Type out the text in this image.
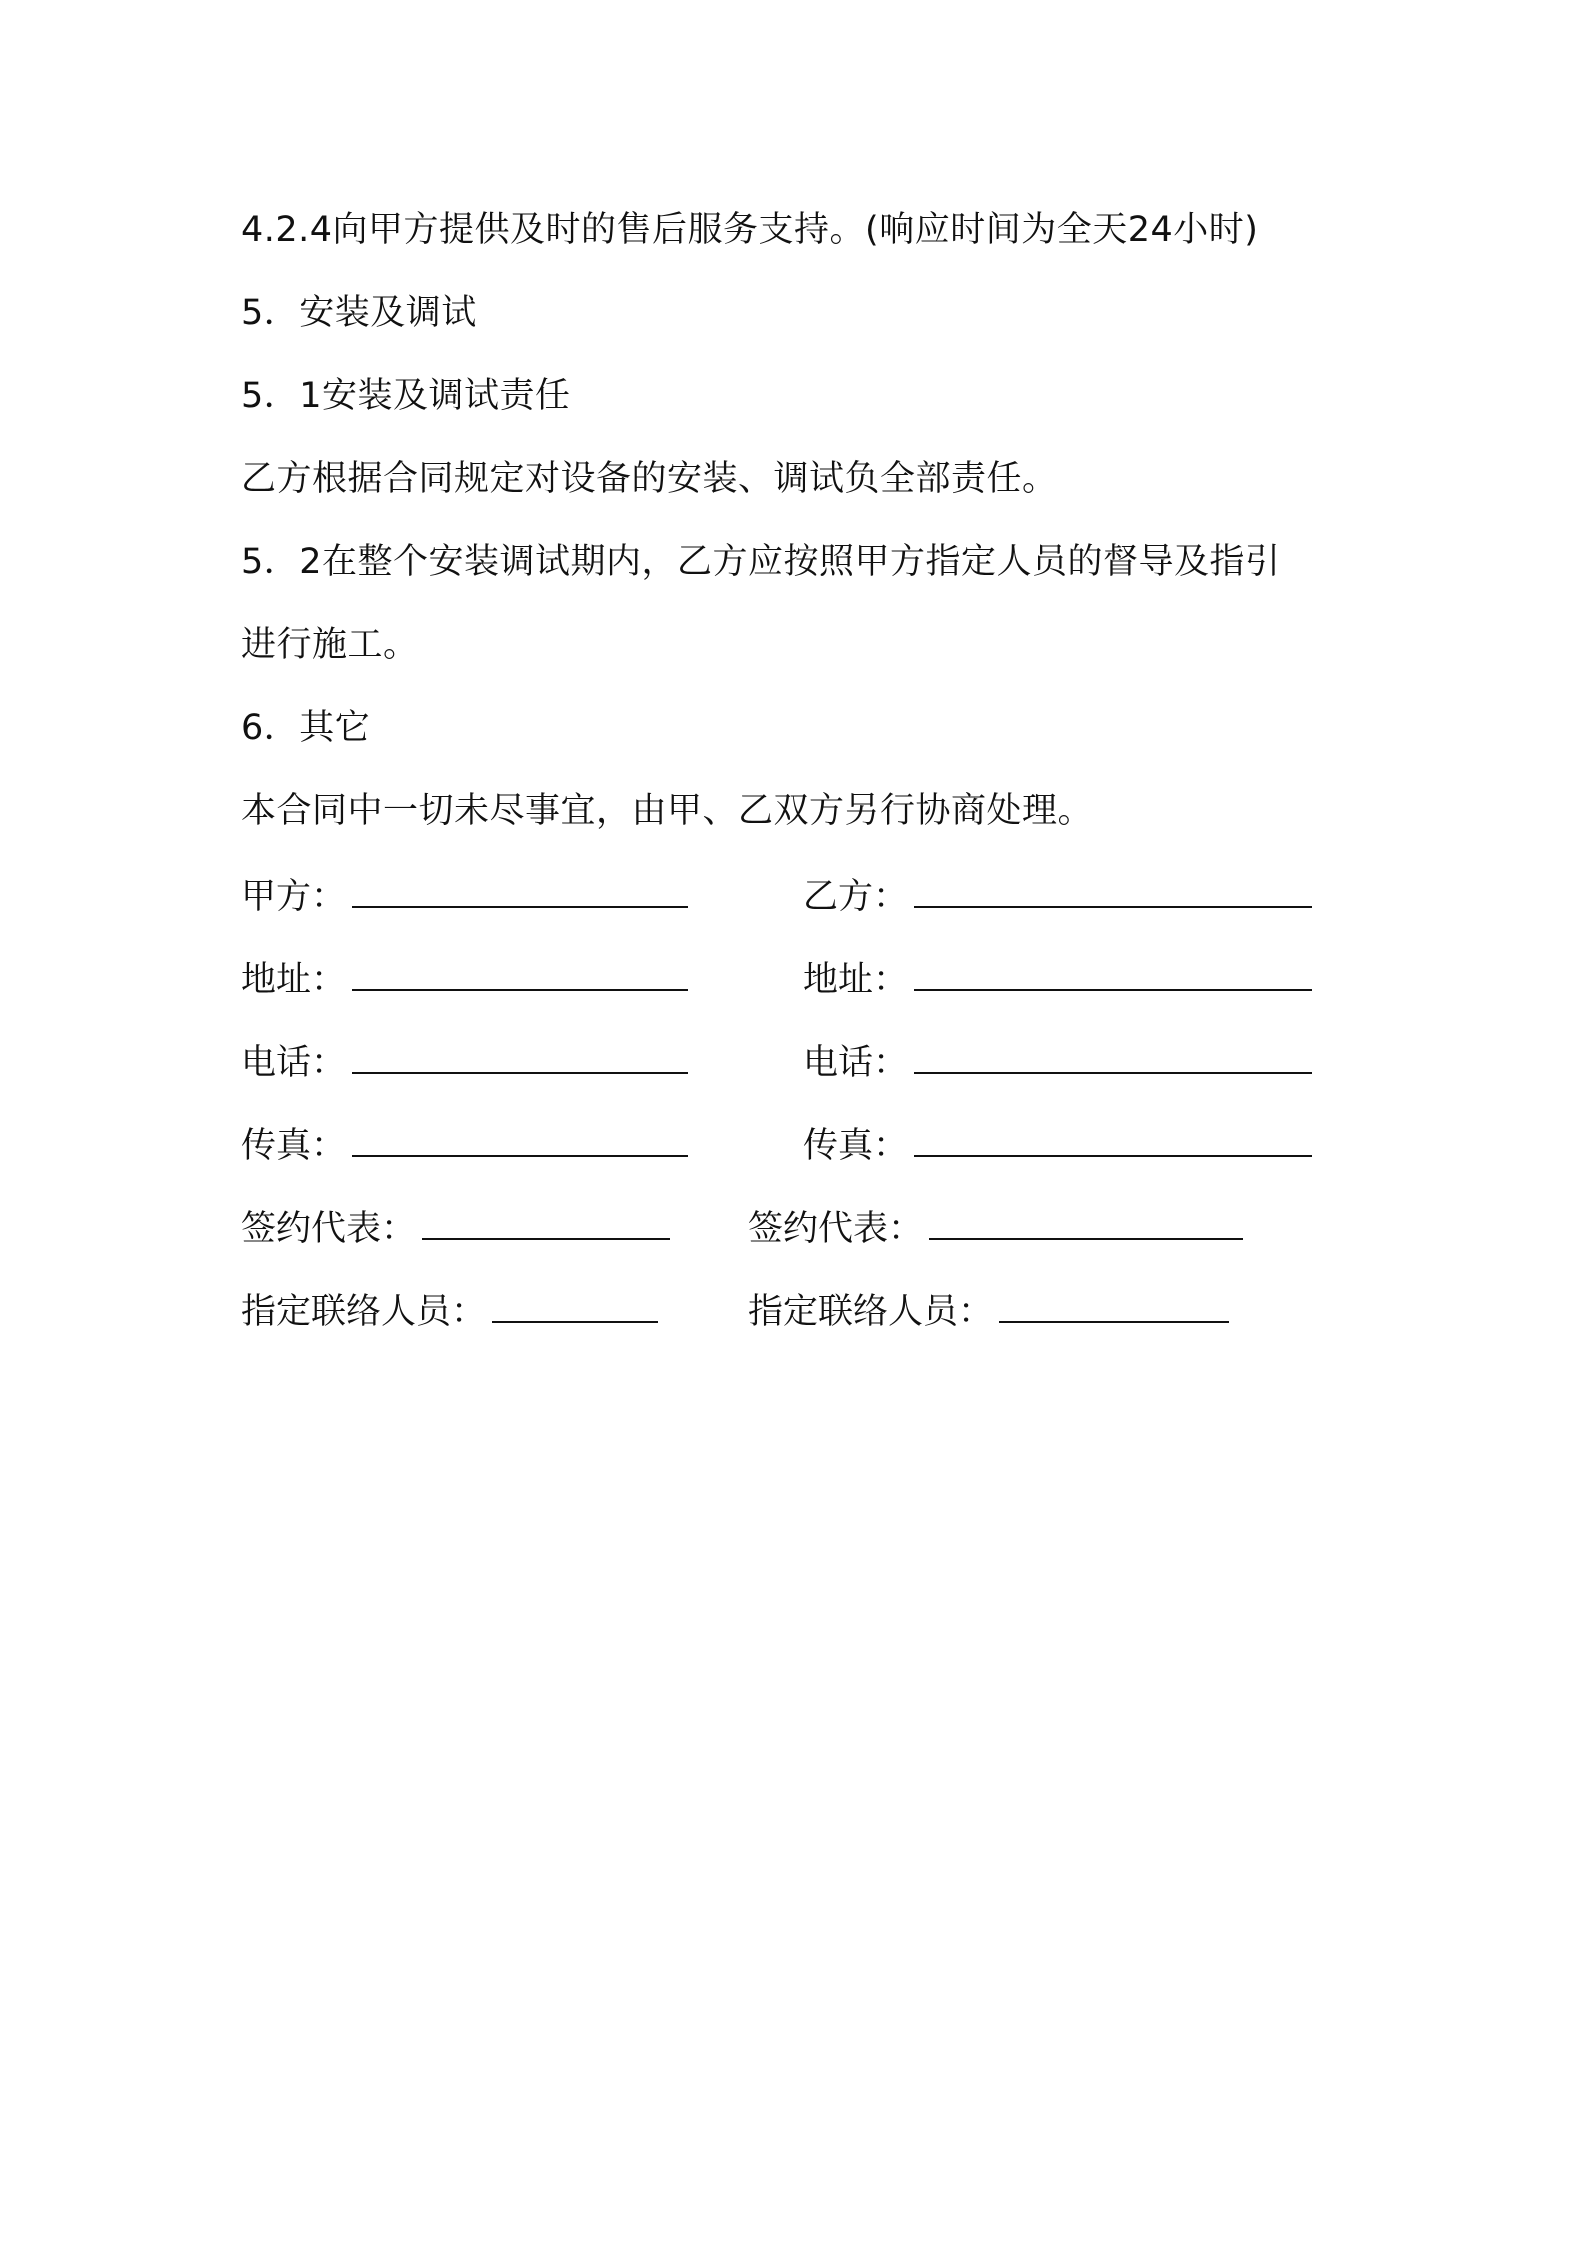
4.2.4向甲方提供及时的售后服务支持。(响应时间为全天24小时)
5．安装及调试
5．1安装及调试责任
乙方根据合同规定对设备的安装、调试负全部责任。
5．2在整个安装调试期内，乙方应按照甲方指定人员的督导及指引
进行施工。
6．其它
本合同中一切未尽事宜，由甲、乙双方另行协商处理。
甲方：
地址：
电话：
传真：
签约代表：
指定联络人员：
乙方：
地址：
电话：
传真：
签约代表：
指定联络人员：
